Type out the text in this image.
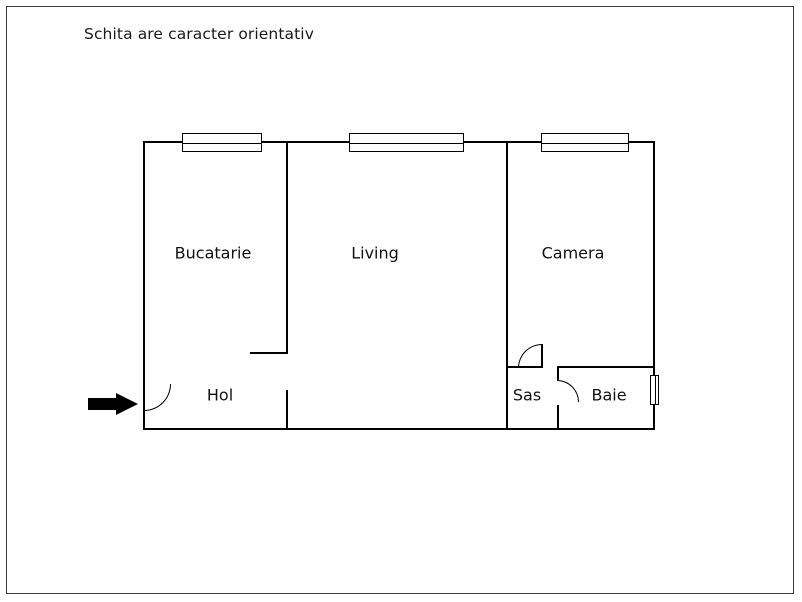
Schita are caracter orientativ
Bucatarie	Living	Camera
Hol	Sas	Baie
